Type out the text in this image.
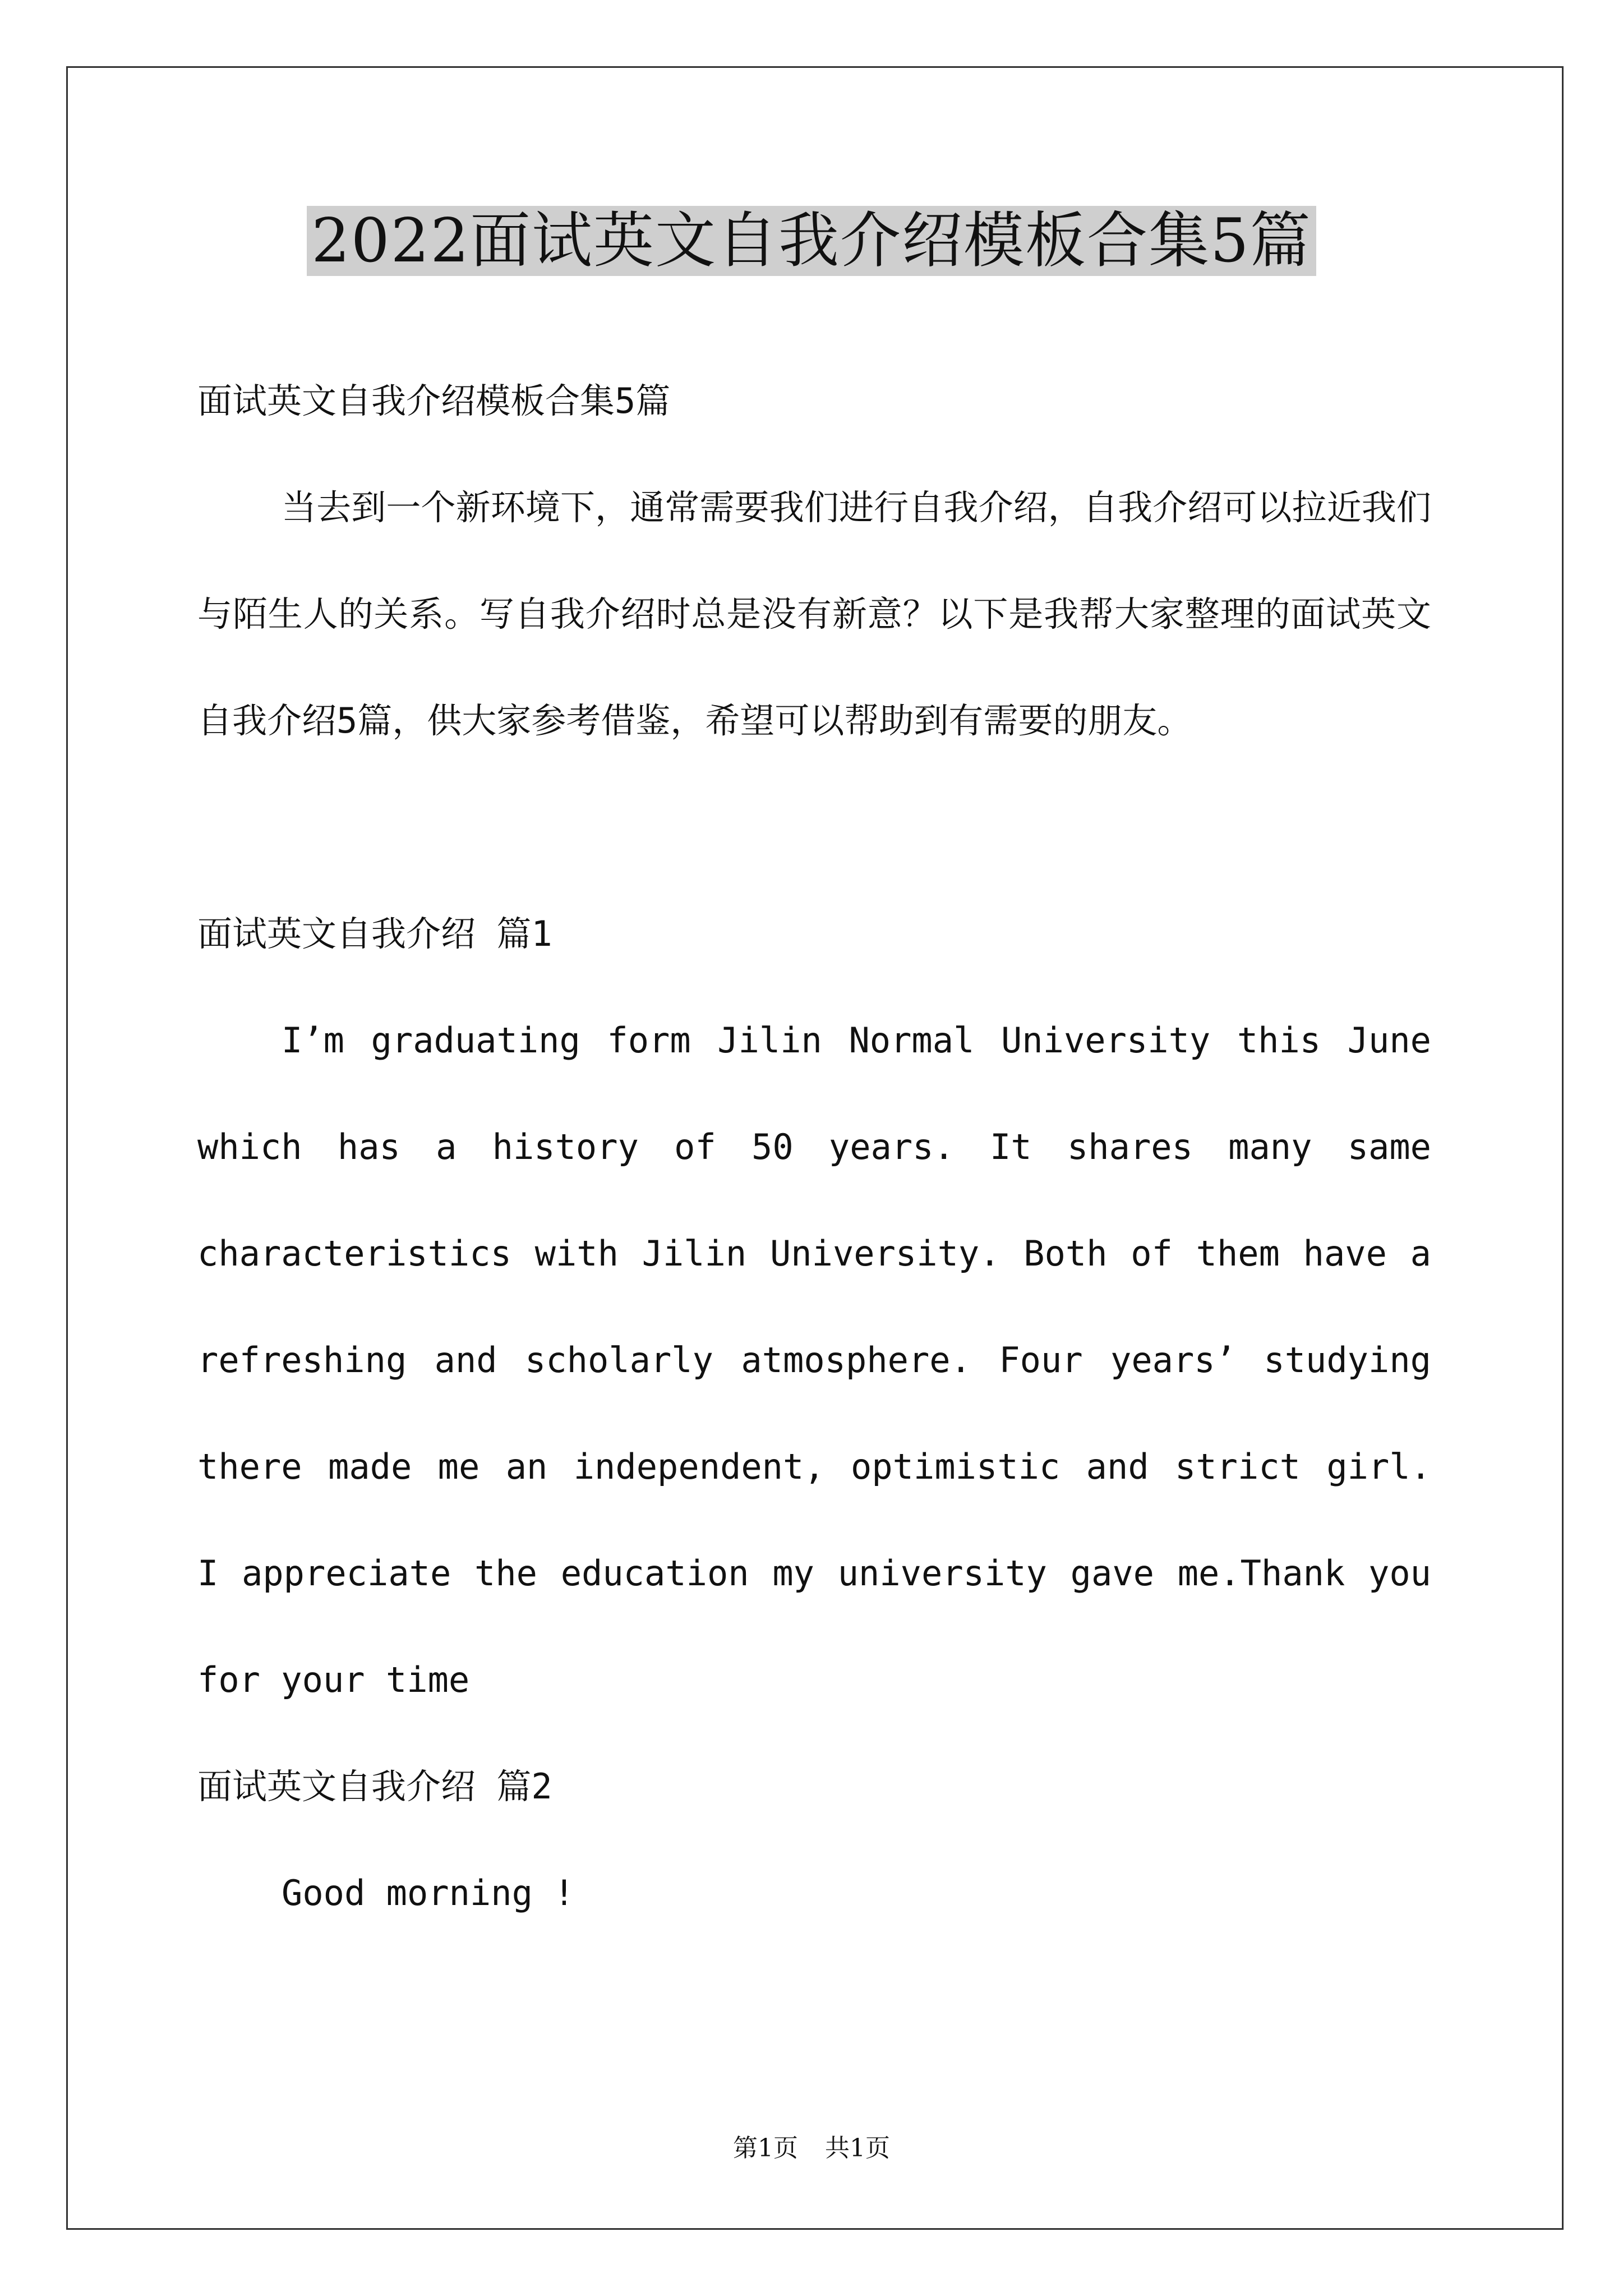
2022面试英文自我介绍模板合集5篇

面试英文自我介绍模板合集5篇

当去到一个新环境下，通常需要我们进行自我介绍，自我介绍可以拉近我们与陌生人的关系。写自我介绍时总是没有新意？以下是我帮大家整理的面试英文自我介绍5篇，供大家参考借鉴，希望可以帮助到有需要的朋友。

面试英文自我介绍 篇1

I’m graduating form Jilin Normal University this June which has a history of 50 years. It shares many same characteristics with Jilin University. Both of them have a refreshing and scholarly atmosphere. Four years’ studying there made me an independent, optimistic and strict girl. I appreciate the education my university gave me.Thank you for your time

面试英文自我介绍 篇2

Good morning !

第1页 共1页
